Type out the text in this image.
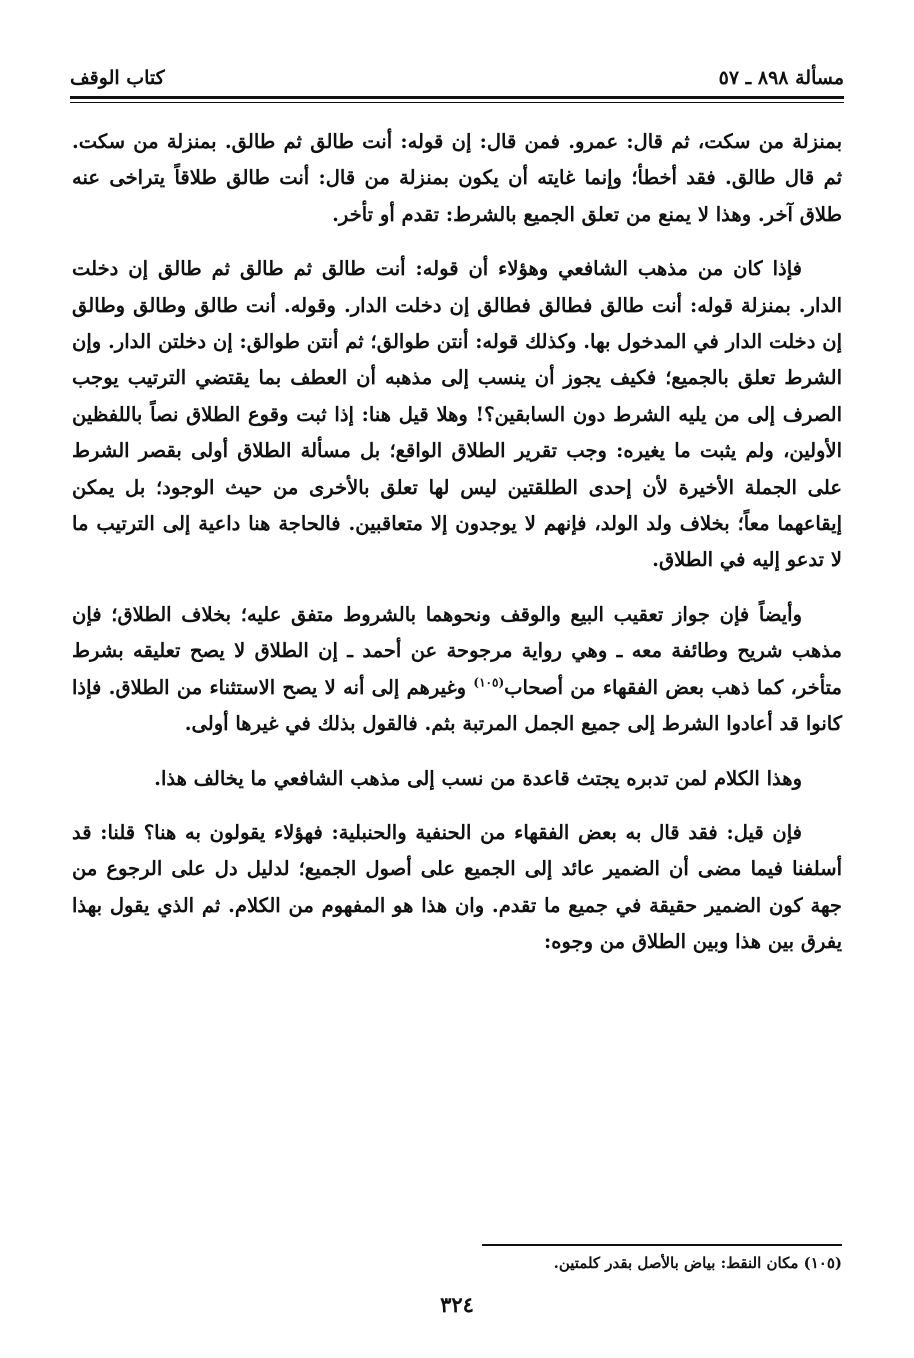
مسألة ٨٩٨ ـ ٥٧
كتاب الوقف

بمنزلة من سكت، ثم قال: عمرو. فمن قال: إن قوله: أنت طالق ثم طالق. بمنزلة من سكت. ثم قال طالق. فقد أخطأ؛ وإنما غايته أن يكون بمنزلة من قال: أنت طالق طلاقاً يتراخى عنه طلاق آخر. وهذا لا يمنع من تعلق الجميع بالشرط: تقدم أو تأخر.

فإذا كان من مذهب الشافعي وهؤلاء أن قوله: أنت طالق ثم طالق ثم طالق إن دخلت الدار. بمنزلة قوله: أنت طالق فطالق فطالق إن دخلت الدار. وقوله. أنت طالق وطالق وطالق إن دخلت الدار في المدخول بها. وكذلك قوله: أنتن طوالق؛ ثم أنتن طوالق: إن دخلتن الدار. وإن الشرط تعلق بالجميع؛ فكيف يجوز أن ينسب إلى مذهبه أن العطف بما يقتضي الترتيب يوجب الصرف إلى من يليه الشرط دون السابقين؟! وهلا قيل هنا: إذا ثبت وقوع الطلاق نصاً باللفظين الأولين، ولم يثبت ما يغيره: وجب تقرير الطلاق الواقع؛ بل مسألة الطلاق أولى بقصر الشرط على الجملة الأخيرة لأن إحدى الطلقتين ليس لها تعلق بالأخرى من حيث الوجود؛ بل يمكن إيقاعهما معاً؛ بخلاف ولد الولد، فإنهم لا يوجدون إلا متعاقبين. فالحاجة هنا داعية إلى الترتيب ما لا تدعو إليه في الطلاق.

وأيضاً فإن جواز تعقيب البيع والوقف ونحوهما بالشروط متفق عليه؛ بخلاف الطلاق؛ فإن مذهب شريح وطائفة معه ـ وهي رواية مرجوحة عن أحمد ـ إن الطلاق لا يصح تعليقه بشرط متأخر، كما ذهب بعض الفقهاء من أصحاب$^{(١٠٥)}$ وغيرهم إلى أنه لا يصح الاستثناء من الطلاق. فإذا كانوا قد أعادوا الشرط إلى جميع الجمل المرتبة بثم. فالقول بذلك في غيرها أولى.

وهذا الكلام لمن تدبره يجتث قاعدة من نسب إلى مذهب الشافعي ما يخالف هذا.

فإن قيل: فقد قال به بعض الفقهاء من الحنفية والحنبلية: فهؤلاء يقولون به هنا؟ قلنا: قد أسلفنا فيما مضى أن الضمير عائد إلى الجميع على أصول الجميع؛ لدليل دل على الرجوع من جهة كون الضمير حقيقة في جميع ما تقدم. وان هذا هو المفهوم من الكلام. ثم الذي يقول بهذا يفرق بين هذا وبين الطلاق من وجوه:

(١٠٥) مكان النقط: بياض بالأصل بقدر كلمتين.
٣٢٤
